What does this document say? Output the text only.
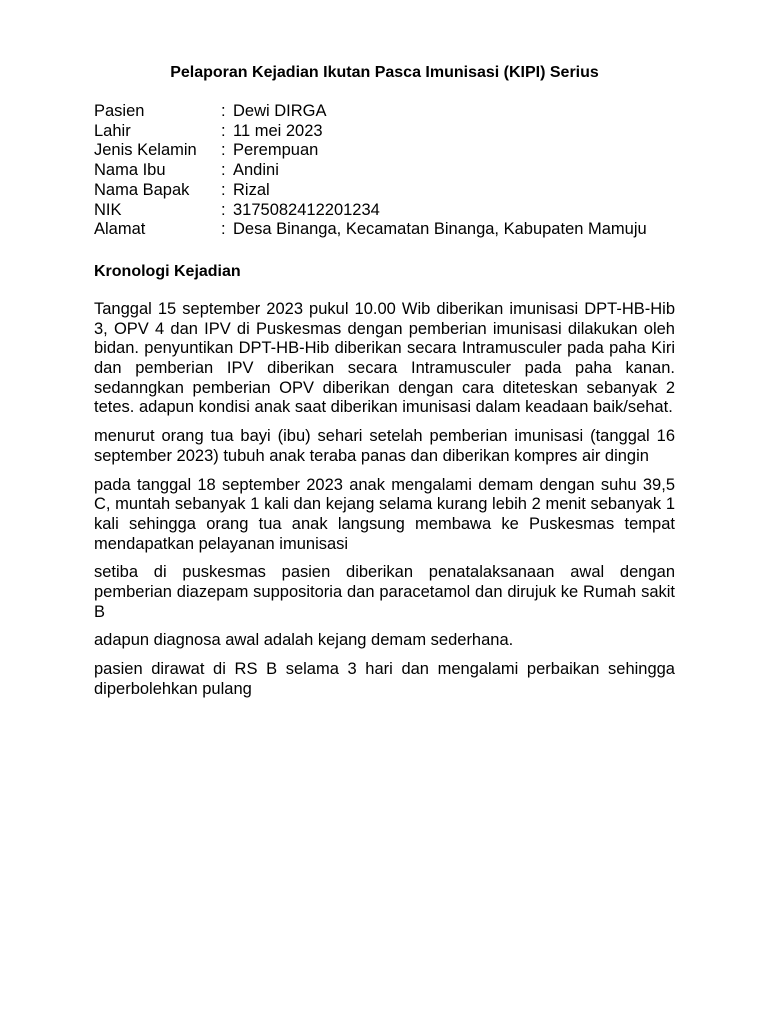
Pelaporan Kejadian Ikutan Pasca Imunisasi (KIPI) Serius
Pasien	: Dewi DIRGA
Lahir	: 11 mei 2023
Jenis Kelamin	: Perempuan
Nama Ibu	: Andini
Nama Bapak	: Rizal
NIK	: 3175082412201234
Alamat	: Desa Binanga, Kecamatan Binanga, Kabupaten Mamuju
Kronologi Kejadian

Tanggal 15 september 2023 pukul 10.00 Wib diberikan imunisasi DPT-HB-Hib 3, OPV 4 dan IPV di Puskesmas dengan pemberian imunisasi dilakukan oleh bidan. penyuntikan DPT-HB-Hib diberikan secara Intramusculer pada paha Kiri dan pemberian IPV diberikan secara Intramusculer pada paha kanan. sedanngkan pemberian OPV diberikan dengan cara diteteskan sebanyak 2 tetes. adapun kondisi anak saat diberikan imunisasi dalam keadaan baik/sehat.

menurut orang tua bayi (ibu) sehari setelah pemberian imunisasi (tanggal 16 september 2023) tubuh anak teraba panas dan diberikan kompres air dingin

pada tanggal 18 september 2023 anak mengalami demam dengan suhu 39,5 C, muntah sebanyak 1 kali dan kejang selama kurang lebih 2 menit sebanyak 1 kali sehingga orang tua anak langsung membawa ke Puskesmas tempat mendapatkan pelayanan imunisasi

setiba di puskesmas pasien diberikan penatalaksanaan awal dengan pemberian diazepam suppositoria dan paracetamol dan dirujuk ke Rumah sakit B

adapun diagnosa awal adalah kejang demam sederhana.

pasien dirawat di RS B selama 3 hari dan mengalami perbaikan sehingga diperbolehkan pulang
